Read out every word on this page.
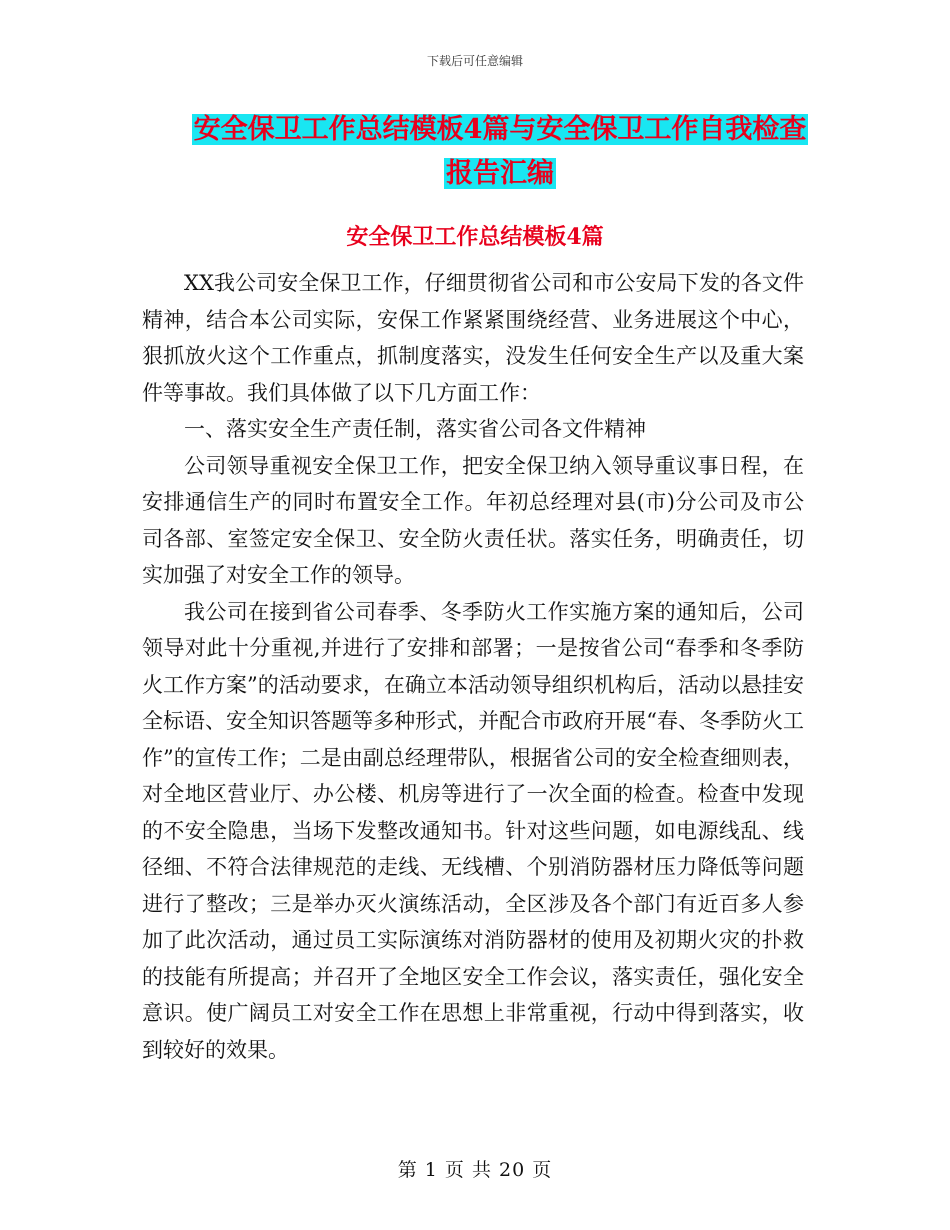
下载后可任意编辑
安全保卫工作总结模板4篇与安全保卫工作自我检查
报告汇编
安全保卫工作总结模板4篇

XX我公司安全保卫工作，仔细贯彻省公司和市公安局下发的各文件精神，结合本公司实际，安保工作紧紧围绕经营、业务进展这个中心，狠抓放火这个工作重点，抓制度落实，没发生任何安全生产以及重大案件等事故。我们具体做了以下几方面工作：

一、落实安全生产责任制，落实省公司各文件精神

公司领导重视安全保卫工作，把安全保卫纳入领导重议事日程，在安排通信生产的同时布置安全工作。年初总经理对县(市)分公司及市公司各部、室签定安全保卫、安全防火责任状。落实任务，明确责任，切实加强了对安全工作的领导。

我公司在接到省公司春季、冬季防火工作实施方案的通知后，公司领导对此十分重视,并进行了安排和部署；一是按省公司“春季和冬季防火工作方案”的活动要求，在确立本活动领导组织机构后，活动以悬挂安全标语、安全知识答题等多种形式，并配合市政府开展“春、冬季防火工作”的宣传工作；二是由副总经理带队，根据省公司的安全检查细则表，对全地区营业厅、办公楼、机房等进行了一次全面的检查。检查中发现的不安全隐患，当场下发整改通知书。针对这些问题，如电源线乱、线径细、不符合法律规范的走线、无线槽、个别消防器材压力降低等问题进行了整改；三是举办灭火演练活动，全区涉及各个部门有近百多人参加了此次活动，通过员工实际演练对消防器材的使用及初期火灾的扑救的技能有所提高；并召开了全地区安全工作会议，落实责任，强化安全意识。使广阔员工对安全工作在思想上非常重视，行动中得到落实，收到较好的效果。

第 1 页 共 20 页
